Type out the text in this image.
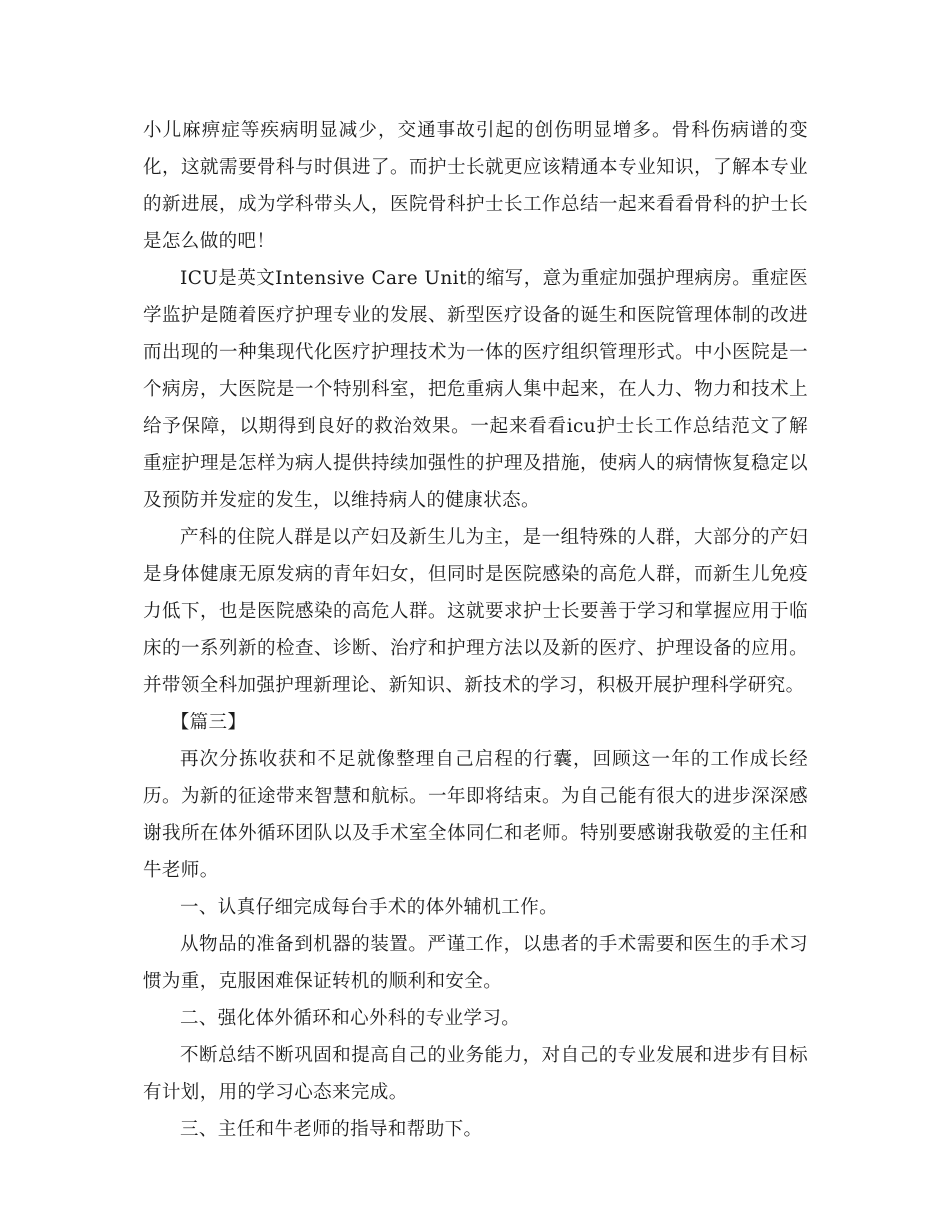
小儿麻痹症等疾病明显减少，交通事故引起的创伤明显增多。骨科伤病谱的变化，这就需要骨科与时俱进了。而护士长就更应该精通本专业知识，了解本专业的新进展，成为学科带头人，医院骨科护士长工作总结一起来看看骨科的护士长是怎么做的吧！

ICU是英文Intensive Care Unit的缩写，意为重症加强护理病房。重症医学监护是随着医疗护理专业的发展、新型医疗设备的诞生和医院管理体制的改进而出现的一种集现代化医疗护理技术为一体的医疗组织管理形式。中小医院是一个病房，大医院是一个特别科室，把危重病人集中起来，在人力、物力和技术上给予保障，以期得到良好的救治效果。一起来看看icu护士长工作总结范文了解重症护理是怎样为病人提供持续加强性的护理及措施，使病人的病情恢复稳定以及预防并发症的发生，以维持病人的健康状态。

产科的住院人群是以产妇及新生儿为主，是一组特殊的人群，大部分的产妇是身体健康无原发病的青年妇女，但同时是医院感染的高危人群，而新生儿免疫力低下，也是医院感染的高危人群。这就要求护士长要善于学习和掌握应用于临床的一系列新的检查、诊断、治疗和护理方法以及新的医疗、护理设备的应用。并带领全科加强护理新理论、新知识、新技术的学习，积极开展护理科学研究。

【篇三】

再次分拣收获和不足就像整理自己启程的行囊，回顾这一年的工作成长经历。为新的征途带来智慧和航标。一年即将结束。为自己能有很大的进步深深感谢我所在体外循环团队以及手术室全体同仁和老师。特别要感谢我敬爱的主任和牛老师。

一、认真仔细完成每台手术的体外辅机工作。

从物品的准备到机器的装置。严谨工作，以患者的手术需要和医生的手术习惯为重，克服困难保证转机的顺利和安全。

二、强化体外循环和心外科的专业学习。

不断总结不断巩固和提高自己的业务能力，对自己的专业发展和进步有目标有计划，用的学习心态来完成。

三、主任和牛老师的指导和帮助下。
